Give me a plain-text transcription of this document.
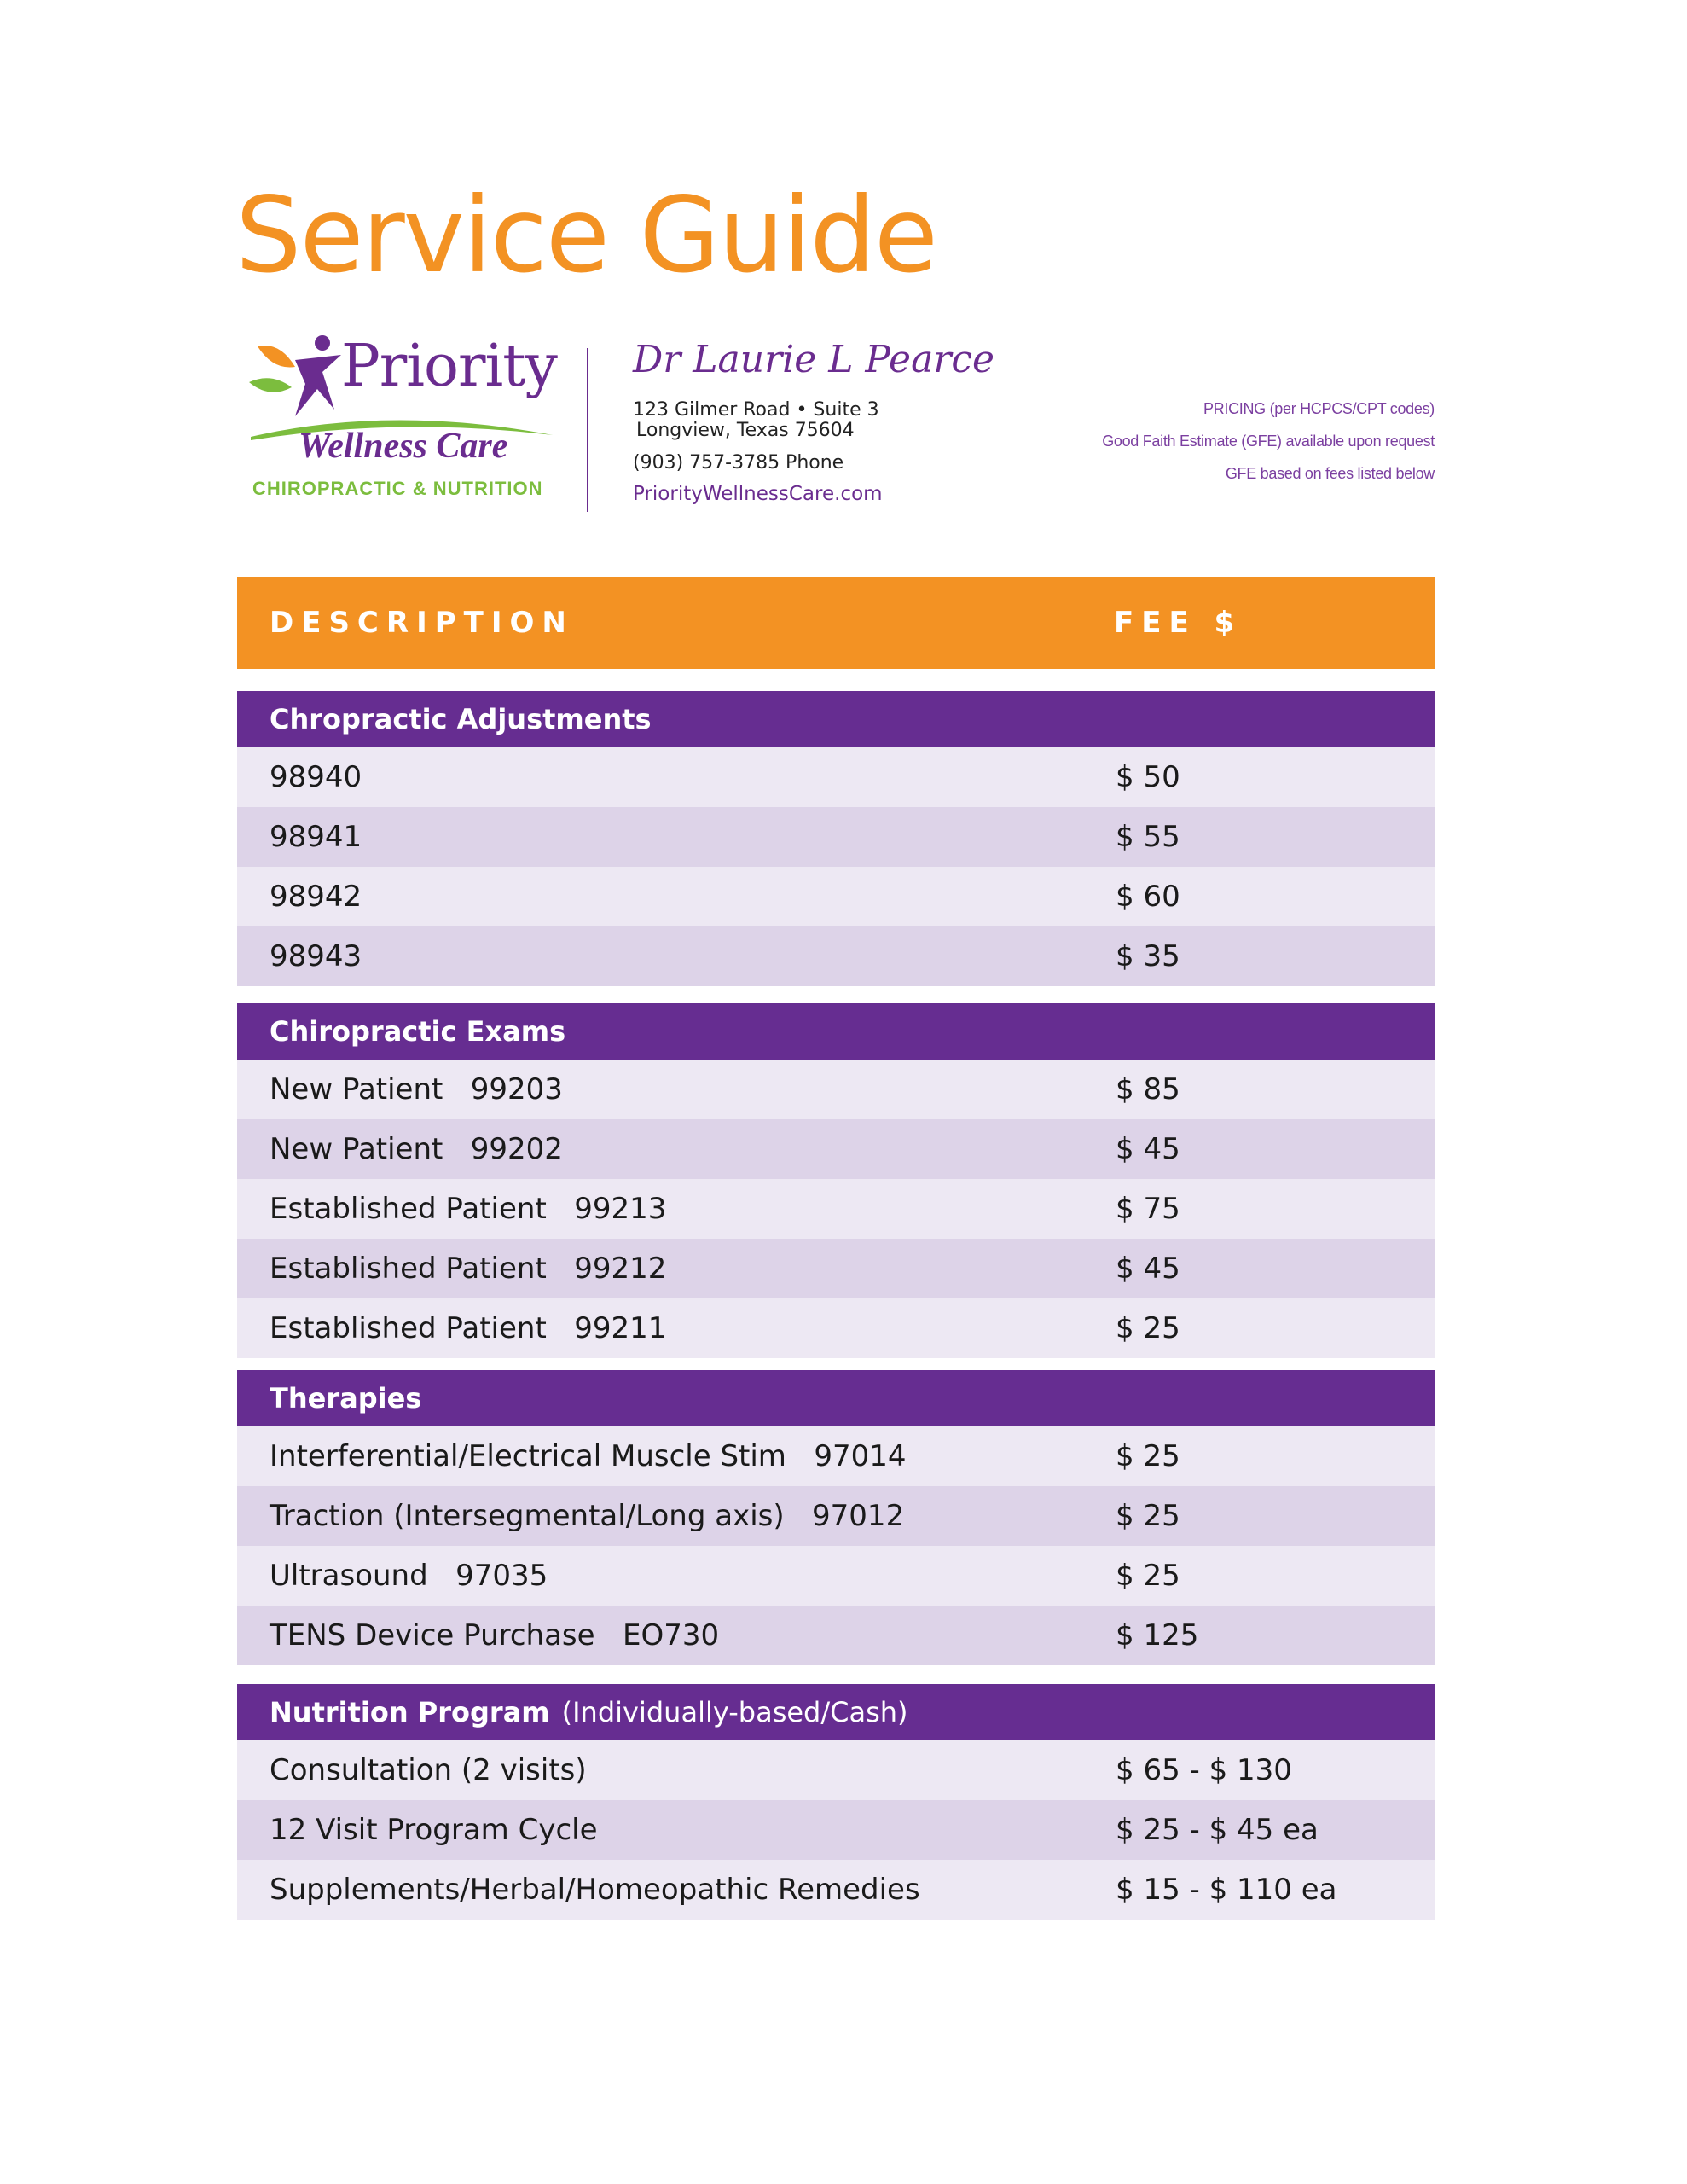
Service Guide
Priority
Wellness Care
CHIROPRACTIC & NUTRITION
Dr Laurie L Pearce
123 Gilmer Road • Suite 3
Longview, Texas 75604
(903) 757-3785 Phone
PriorityWellnessCare.com
PRICING (per HCPCS/CPT codes)
Good Faith Estimate (GFE) available upon request
GFE based on fees listed below
DESCRIPTION	FEE $
Chropractic Adjustments
98940	$ 50
98941	$ 55
98942	$ 60
98943	$ 35
Chiropractic Exams
New Patient   99203	$ 85
New Patient   99202	$ 45
Established Patient   99213	$ 75
Established Patient   99212	$ 45
Established Patient   99211	$ 25
Therapies
Interferential/Electrical Muscle Stim   97014	$ 25
Traction (Intersegmental/Long axis)   97012	$ 25
Ultrasound   97035	$ 25
TENS Device Purchase   EO730	$ 125
Nutrition Program (Individually-based/Cash)
Consultation (2 visits)	$ 65 - $ 130
12 Visit Program Cycle	$ 25 - $ 45 ea
Supplements/Herbal/Homeopathic Remedies	$ 15 - $ 110 ea
